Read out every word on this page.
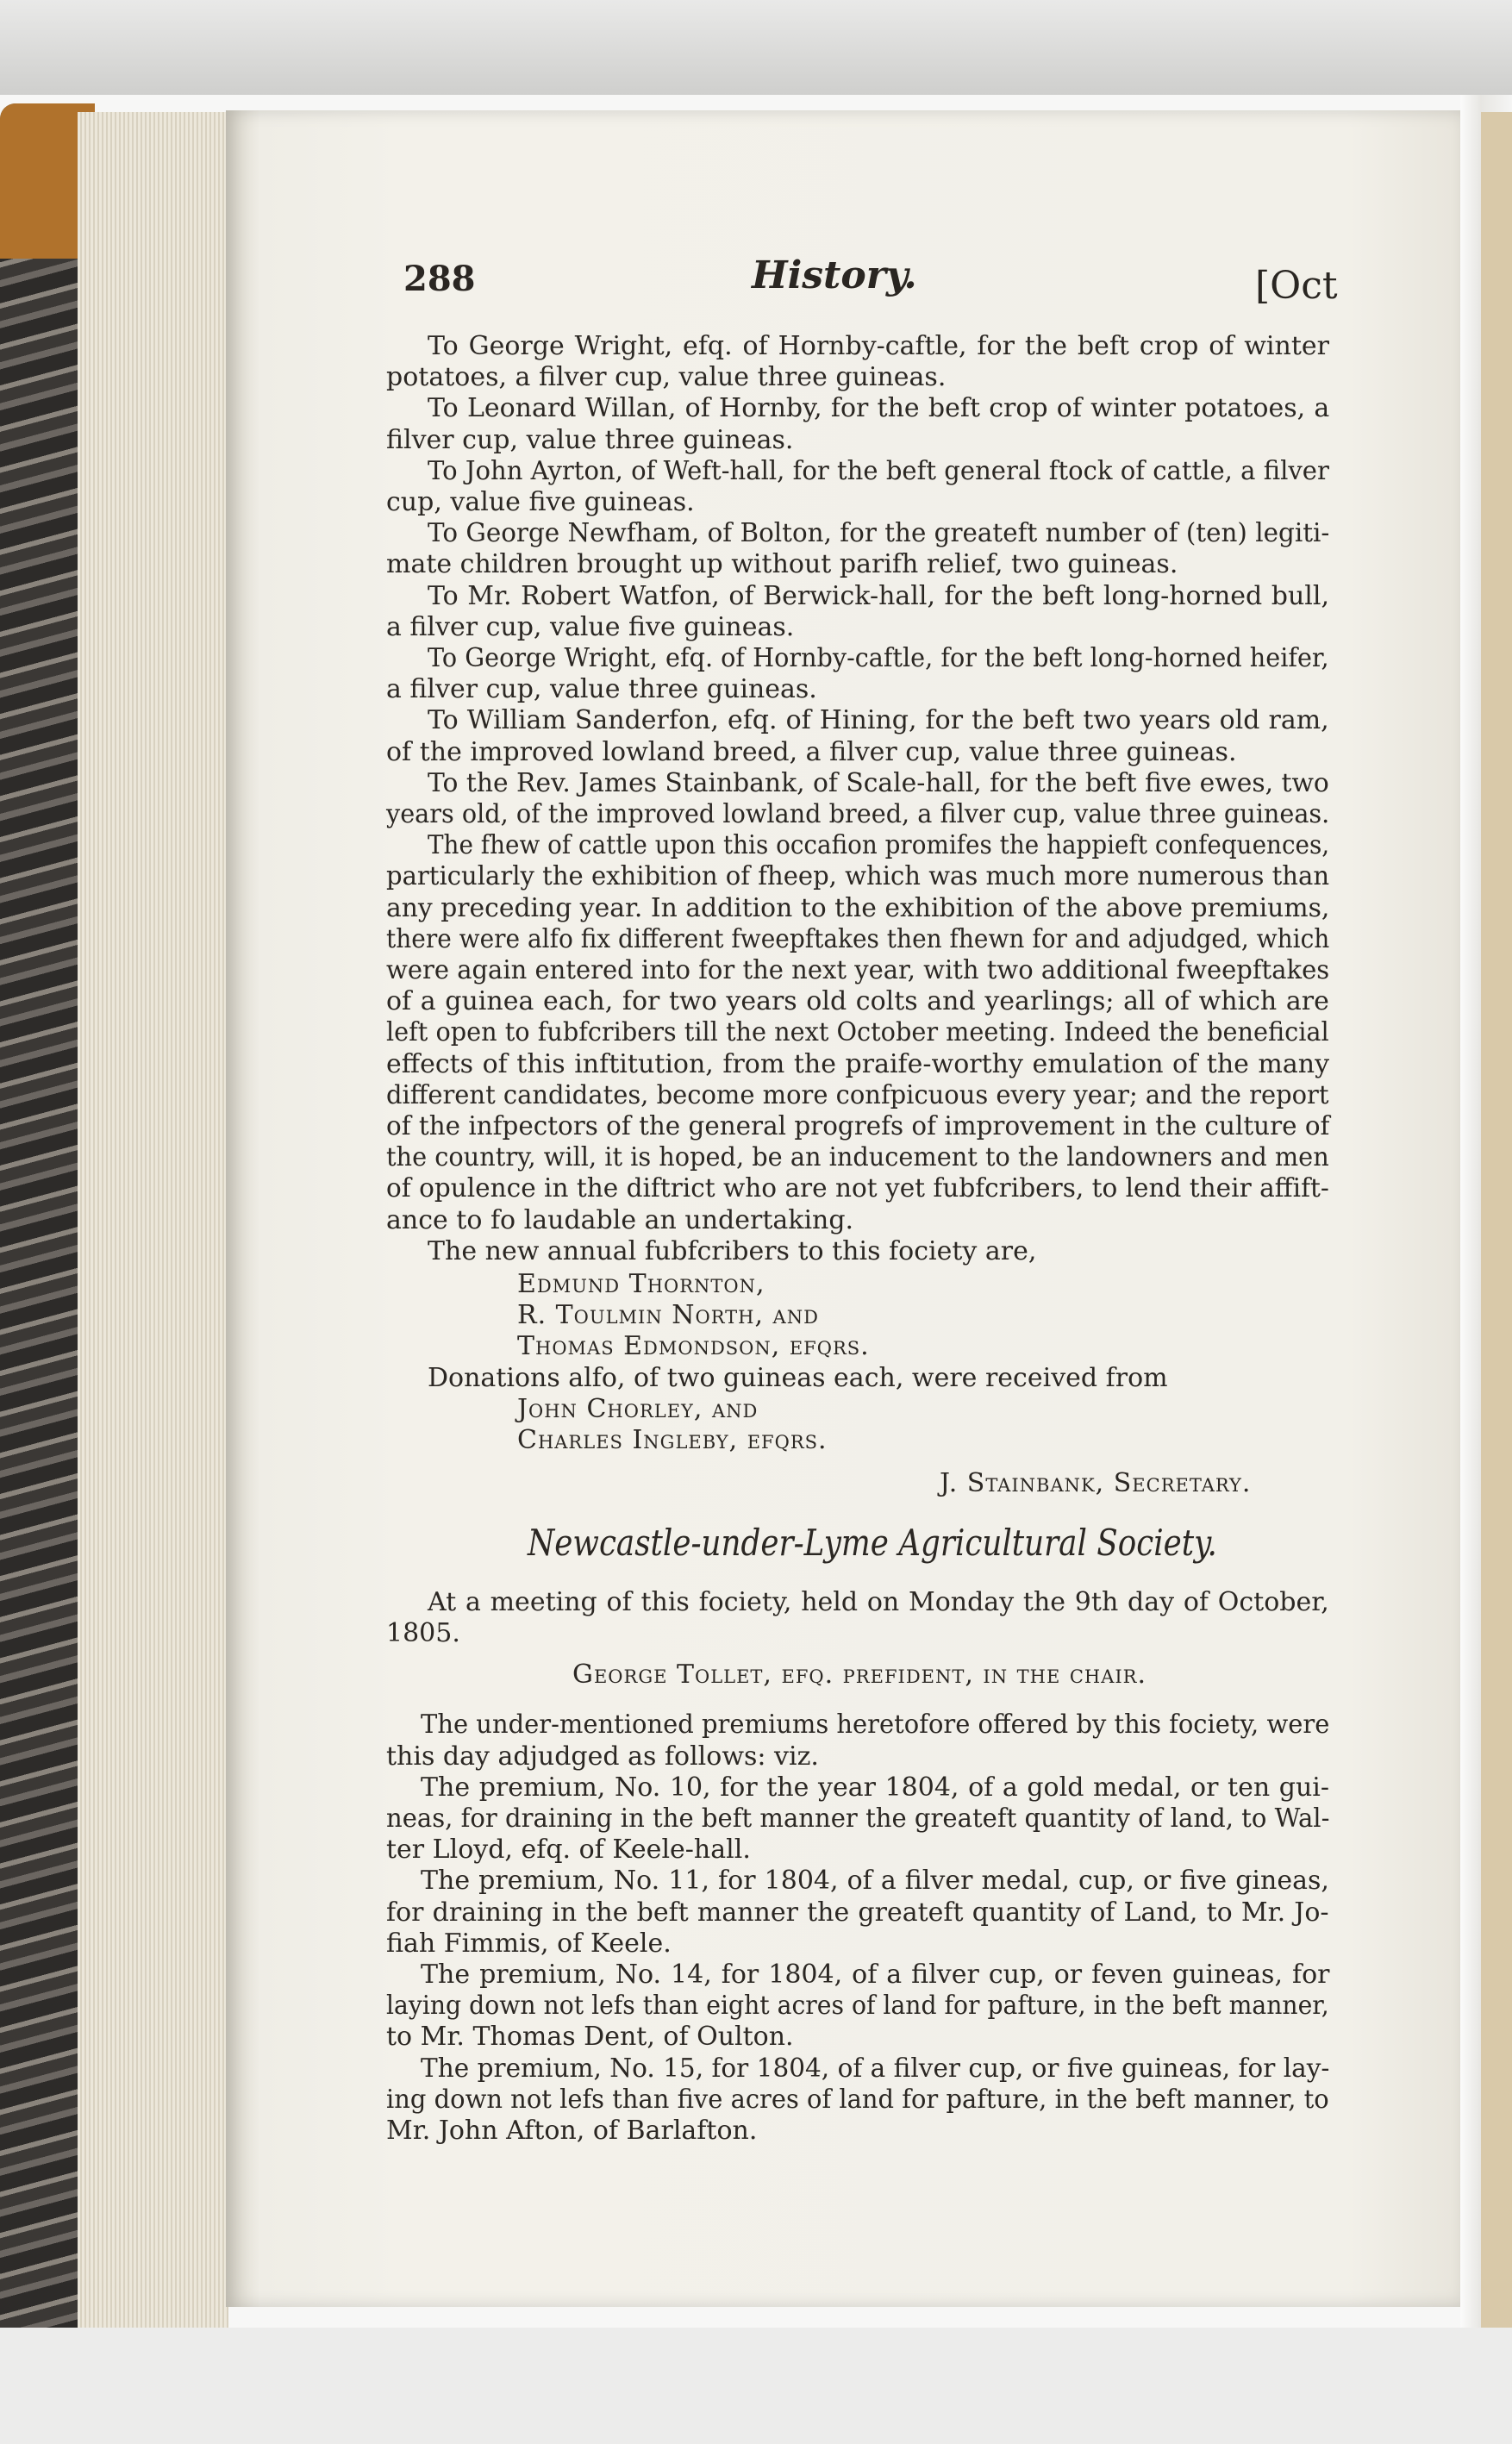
288	History.	[Oct
To George Wright, efq. of Hornby-caftle, for the beft crop of winter
potatoes, a filver cup, value three guineas.
To Leonard Willan, of Hornby, for the beft crop of winter potatoes, a
filver cup, value three guineas.
To John Ayrton, of Weft-hall, for the beft general ftock of cattle, a filver
cup, value five guineas.
To George Newfham, of Bolton, for the greateft number of (ten) legiti-
mate children brought up without parifh relief, two guineas.
To Mr. Robert Watfon, of Berwick-hall, for the beft long-horned bull,
a filver cup, value five guineas.
To George Wright, efq. of Hornby-caftle, for the beft long-horned heifer,
a filver cup, value three guineas.
To William Sanderfon, efq. of Hining, for the beft two years old ram,
of the improved lowland breed, a filver cup, value three guineas.
To the Rev. James Stainbank, of Scale-hall, for the beft five ewes, two
years old, of the improved lowland breed, a filver cup, value three guineas.
The fhew of cattle upon this occafion promifes the happieft confequences,
particularly the exhibition of fheep, which was much more numerous than
any preceding year. In addition to the exhibition of the above premiums,
there were alfo fix different fweepftakes then fhewn for and adjudged, which
were again entered into for the next year, with two additional fweepftakes
of a guinea each, for two years old colts and yearlings; all of which are
left open to fubfcribers till the next October meeting. Indeed the beneficial
effects of this inftitution, from the praife-worthy emulation of the many
different candidates, become more confpicuous every year; and the report
of the infpectors of the general progrefs of improvement in the culture of
the country, will, it is hoped, be an inducement to the landowners and men
of opulence in the diftrict who are not yet fubfcribers, to lend their affift-
ance to fo laudable an undertaking.
The new annual fubfcribers to this fociety are,
Edmund Thornton,
R. Toulmin North, and
Thomas Edmondson, efqrs.
Donations alfo, of two guineas each, were received from
John Chorley, and
Charles Ingleby, efqrs.
J. Stainbank, Secretary.
Newcastle-under-Lyme Agricultural Society.
At a meeting of this fociety, held on Monday the 9th day of October,
1805.
George Tollet, efq. prefident, in the chair.
The under-mentioned premiums heretofore offered by this fociety, were
this day adjudged as follows: viz.
The premium, No. 10, for the year 1804, of a gold medal, or ten gui-
neas, for draining in the beft manner the greateft quantity of land, to Wal-
ter Lloyd, efq. of Keele-hall.
The premium, No. 11, for 1804, of a filver medal, cup, or five gineas,
for draining in the beft manner the greateft quantity of Land, to Mr. Jo-
fiah Fimmis, of Keele.
The premium, No. 14, for 1804, of a filver cup, or feven guineas, for
laying down not lefs than eight acres of land for pafture, in the beft manner,
to Mr. Thomas Dent, of Oulton.
The premium, No. 15, for 1804, of a filver cup, or five guineas, for lay-
ing down not lefs than five acres of land for pafture, in the beft manner, to
Mr. John Afton, of Barlafton.
